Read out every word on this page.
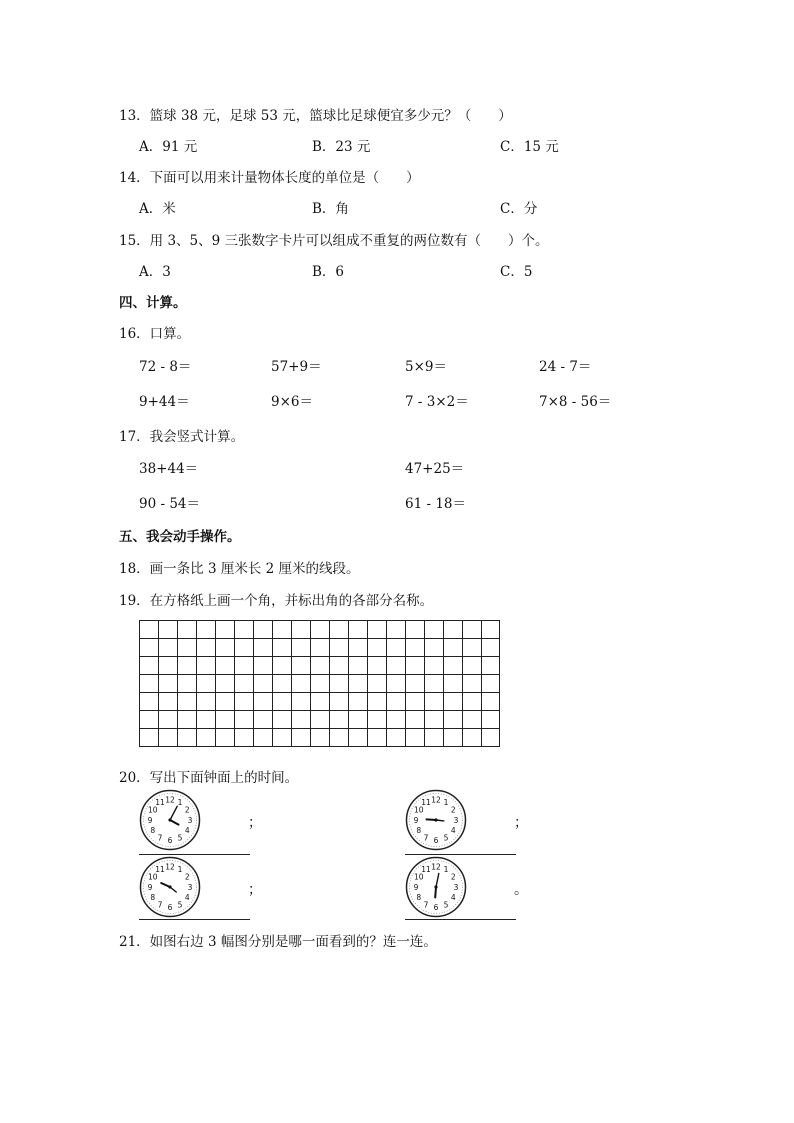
13．篮球 38 元，足球 53 元，篮球比足球便宜多少元？（　　）
A．91 元	B．23 元	C．15 元
14．下面可以用来计量物体长度的单位是（　　）
A．米	B．角	C．分
15．用 3、5、9 三张数字卡片可以组成不重复的两位数有（　　）个。
A．3	B．6	C．5
四、计算。
16．口算。
72 - 8＝	57+9＝	5×9＝	24 - 7＝
9+44＝	9×6＝	7 - 3×2＝	7×8 - 56＝
17．我会竖式计算。
38+44＝	47+25＝
90 - 54＝	61 - 18＝
五、我会动手操作。
18．画一条比 3 厘米长 2 厘米的线段。
19．在方格纸上画一个角，并标出角的各部分名称。
20．写出下面钟面上的时间。
12 1
2
3
4
5
6
7
8
9
10
11
；
12 1
2
3
4
5
6
7
8
9
10
11
；
12 1
2
3
4
5
6
7
8
9
10
11
；
12 1
2
3
4
5
6
7
8
9
10
11
。
21．如图右边 3 幅图分别是哪一面看到的？连一连。
